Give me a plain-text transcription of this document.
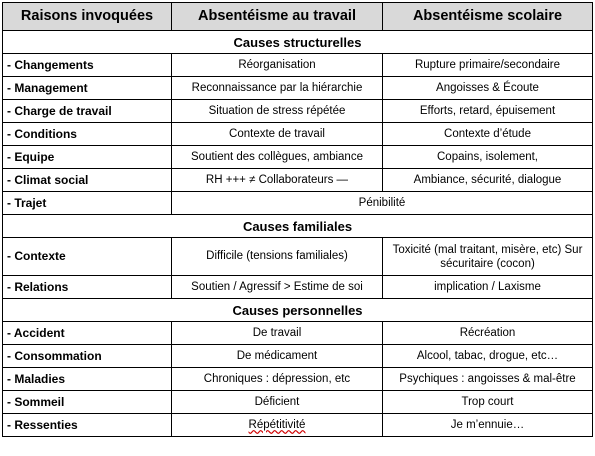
Raisons invoquées	Absentéisme au travail	Absentéisme scolaire
Causes structurelles		
- Changements	Réorganisation	Rupture primaire/secondaire
- Management	Reconnaissance par la hiérarchie	Angoisses & Écoute
- Charge de travail	Situation de stress répétée	Efforts, retard, épuisement
- Conditions	Contexte de travail	Contexte d’étude
- Equipe	Soutient des collègues, ambiance	Copains, isolement,
- Climat social	RH +++ ≠ Collaborateurs —	Ambiance, sécurité, dialogue
- Trajet	Pénibilité	
Causes familiales		
- Contexte	Difficile (tensions familiales)	Toxicité (mal traitant, misère, etc) Sur sécuritaire (cocon)
- Relations	Soutien / Agressif > Estime de soi	implication / Laxisme
Causes personnelles		
- Accident	De travail	Récréation
- Consommation	De médicament	Alcool, tabac, drogue, etc…
- Maladies	Chroniques : dépression, etc	Psychiques : angoisses & mal-être
- Sommeil	Déficient	Trop court
- Ressenties	Répétitivité	Je m’ennuie…
